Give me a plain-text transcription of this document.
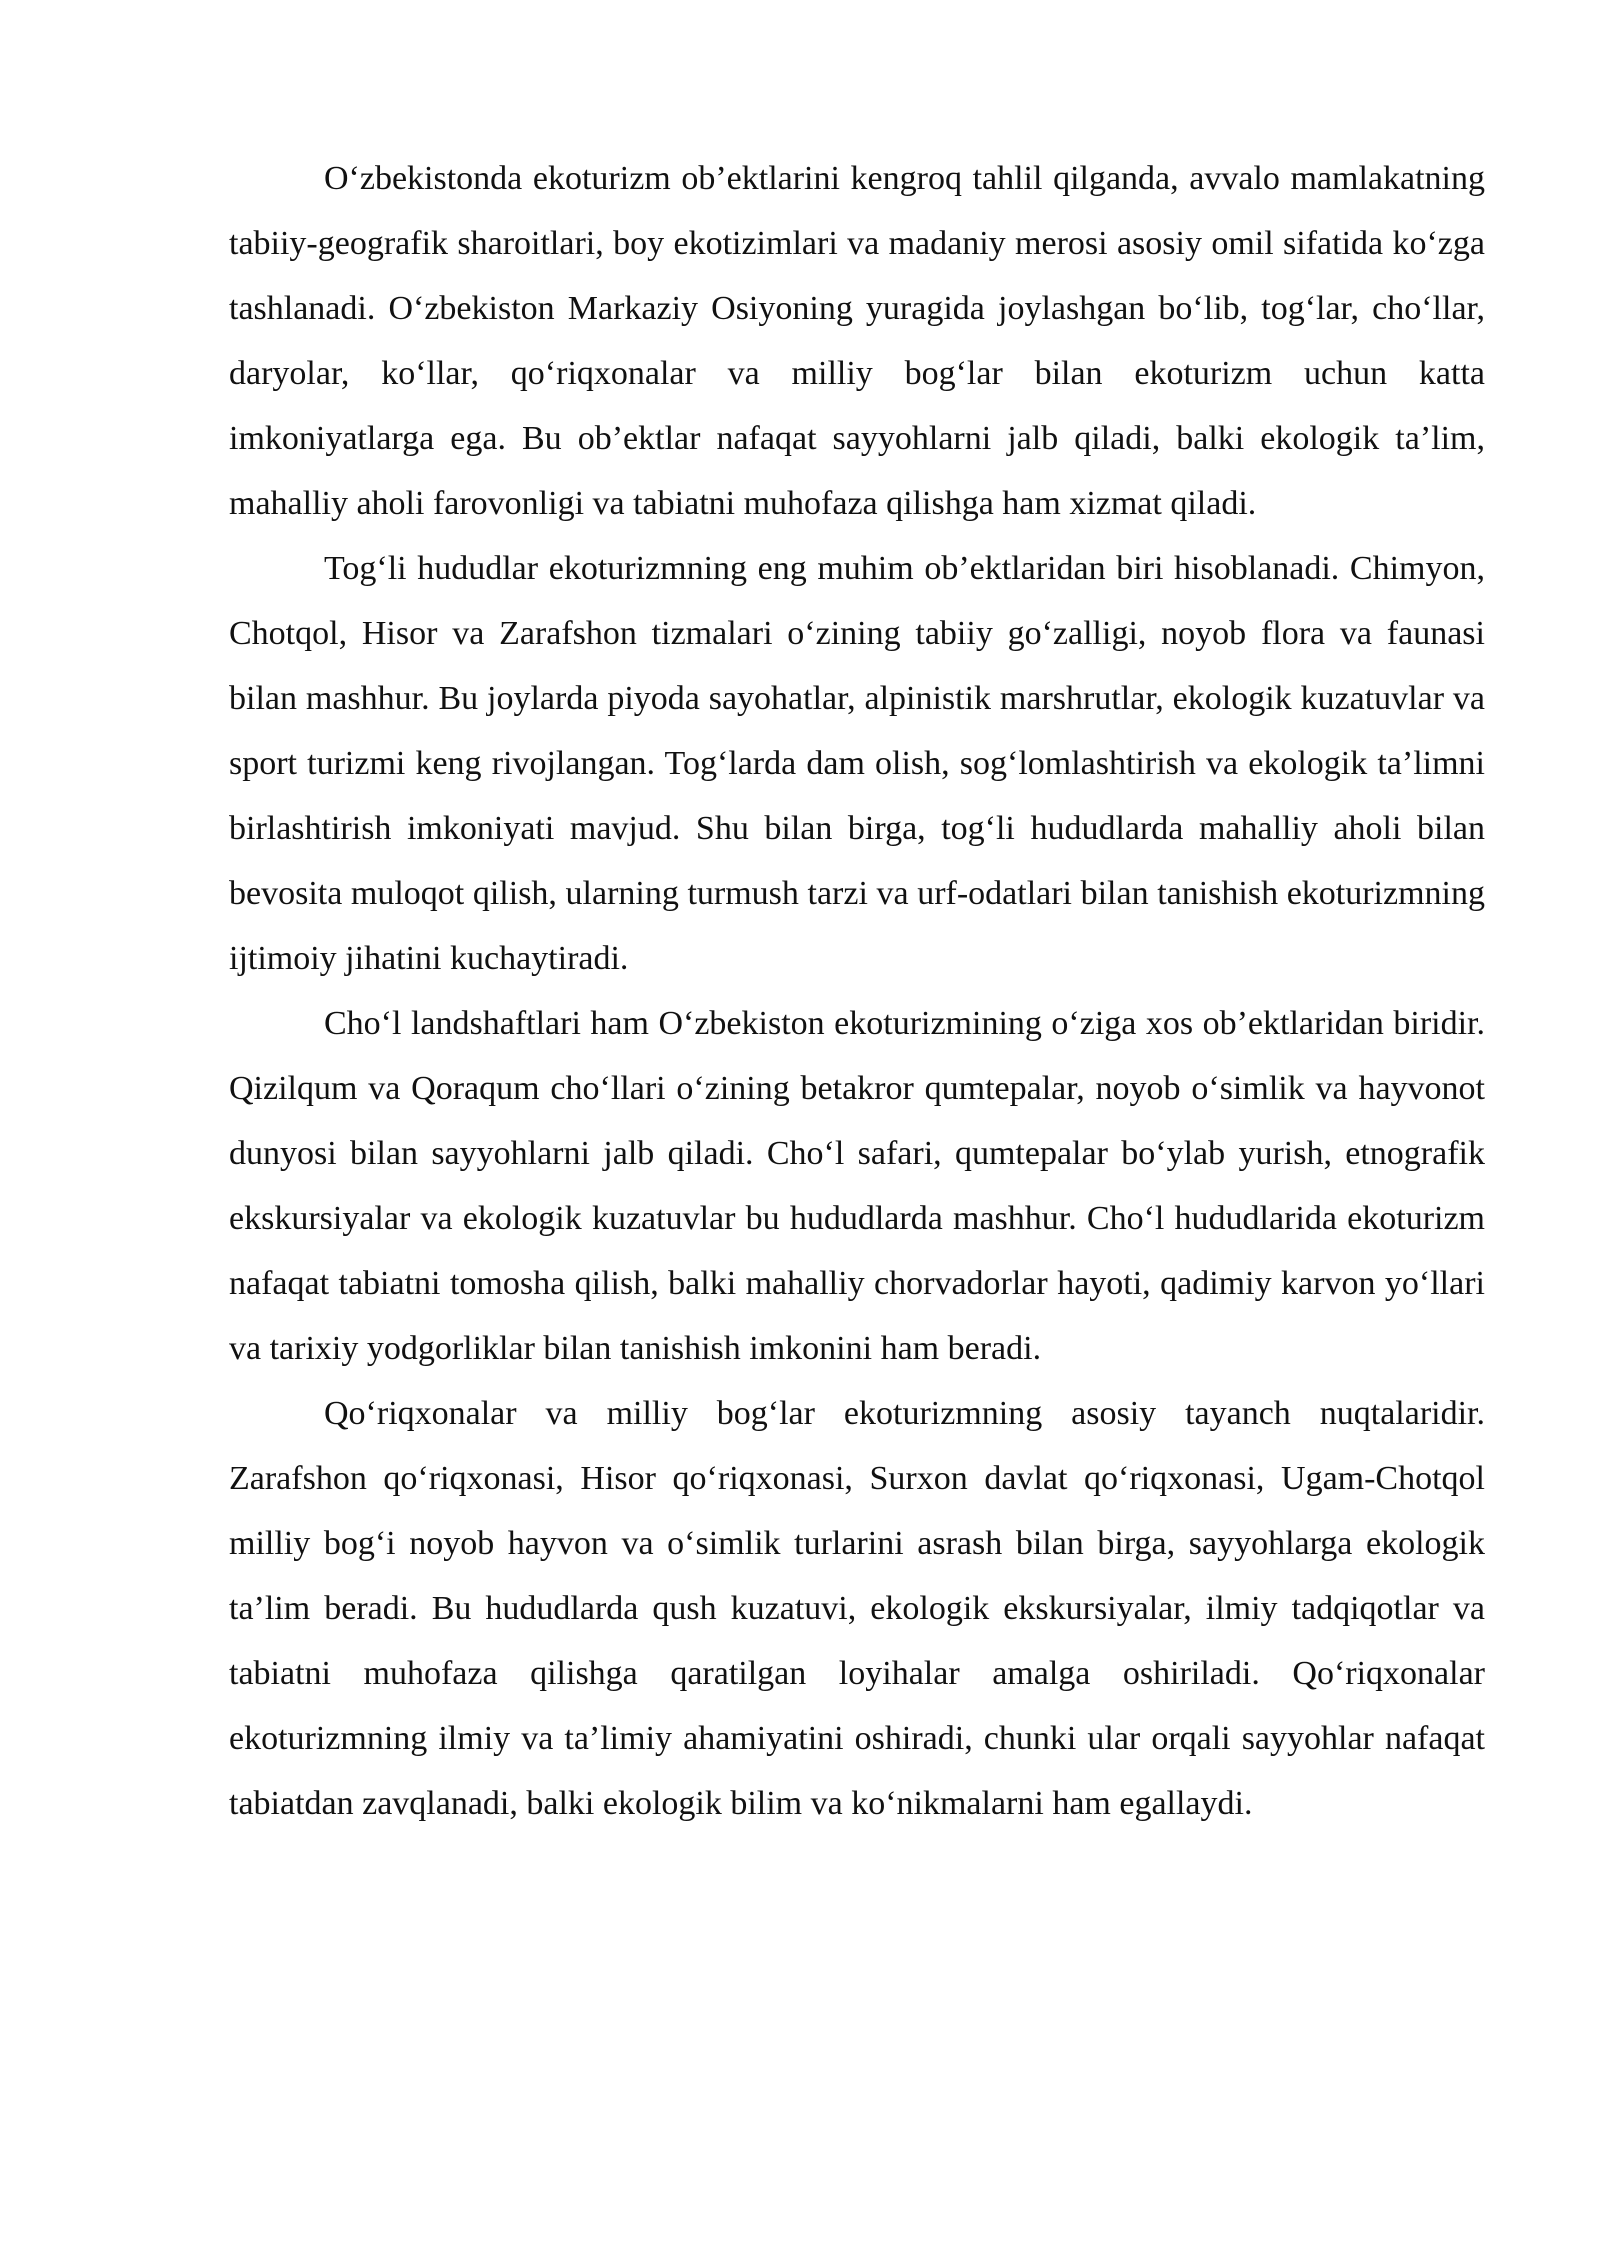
O‘zbekistonda ekoturizm ob’ektlarini kengroq tahlil qilganda, avvalo mamlakatning tabiiy-geografik sharoitlari, boy ekotizimlari va madaniy merosi asosiy omil sifatida ko‘zga tashlanadi. O‘zbekiston Markaziy Osiyoning yuragida joylashgan bo‘lib, tog‘lar, cho‘llar, daryolar, ko‘llar, qo‘riqxonalar va milliy bog‘lar bilan ekoturizm uchun katta imkoniyatlarga ega. Bu ob’ektlar nafaqat sayyohlarni jalb qiladi, balki ekologik ta’lim, mahalliy aholi farovonligi va tabiatni muhofaza qilishga ham xizmat qiladi.

Tog‘li hududlar ekoturizmning eng muhim ob’ektlaridan biri hisoblanadi. Chimyon, Chotqol, Hisor va Zarafshon tizmalari o‘zining tabiiy go‘zalligi, noyob flora va faunasi bilan mashhur. Bu joylarda piyoda sayohatlar, alpinistik marshrutlar, ekologik kuzatuvlar va sport turizmi keng rivojlangan. Tog‘larda dam olish, sog‘lomlashtirish va ekologik ta’limni birlashtirish imkoniyati mavjud. Shu bilan birga, tog‘li hududlarda mahalliy aholi bilan bevosita muloqot qilish, ularning turmush tarzi va urf-odatlari bilan tanishish ekoturizmning ijtimoiy jihatini kuchaytiradi.

Cho‘l landshaftlari ham O‘zbekiston ekoturizmining o‘ziga xos ob’ektlaridan biridir. Qizilqum va Qoraqum cho‘llari o‘zining betakror qumtepalar, noyob o‘simlik va hayvonot dunyosi bilan sayyohlarni jalb qiladi. Cho‘l safari, qumtepalar bo‘ylab yurish, etnografik ekskursiyalar va ekologik kuzatuvlar bu hududlarda mashhur. Cho‘l hududlarida ekoturizm nafaqat tabiatni tomosha qilish, balki mahalliy chorvadorlar hayoti, qadimiy karvon yo‘llari va tarixiy yodgorliklar bilan tanishish imkonini ham beradi.

Qo‘riqxonalar va milliy bog‘lar ekoturizmning asosiy tayanch nuqtalaridir. Zarafshon qo‘riqxonasi, Hisor qo‘riqxonasi, Surxon davlat qo‘riqxonasi, Ugam-Chotqol milliy bog‘i noyob hayvon va o‘simlik turlarini asrash bilan birga, sayyohlarga ekologik ta’lim beradi. Bu hududlarda qush kuzatuvi, ekologik ekskursiyalar, ilmiy tadqiqotlar va tabiatni muhofaza qilishga qaratilgan loyihalar amalga oshiriladi. Qo‘riqxonalar ekoturizmning ilmiy va ta’limiy ahamiyatini oshiradi, chunki ular orqali sayyohlar nafaqat tabiatdan zavqlanadi, balki ekologik bilim va ko‘nikmalarni ham egallaydi.
